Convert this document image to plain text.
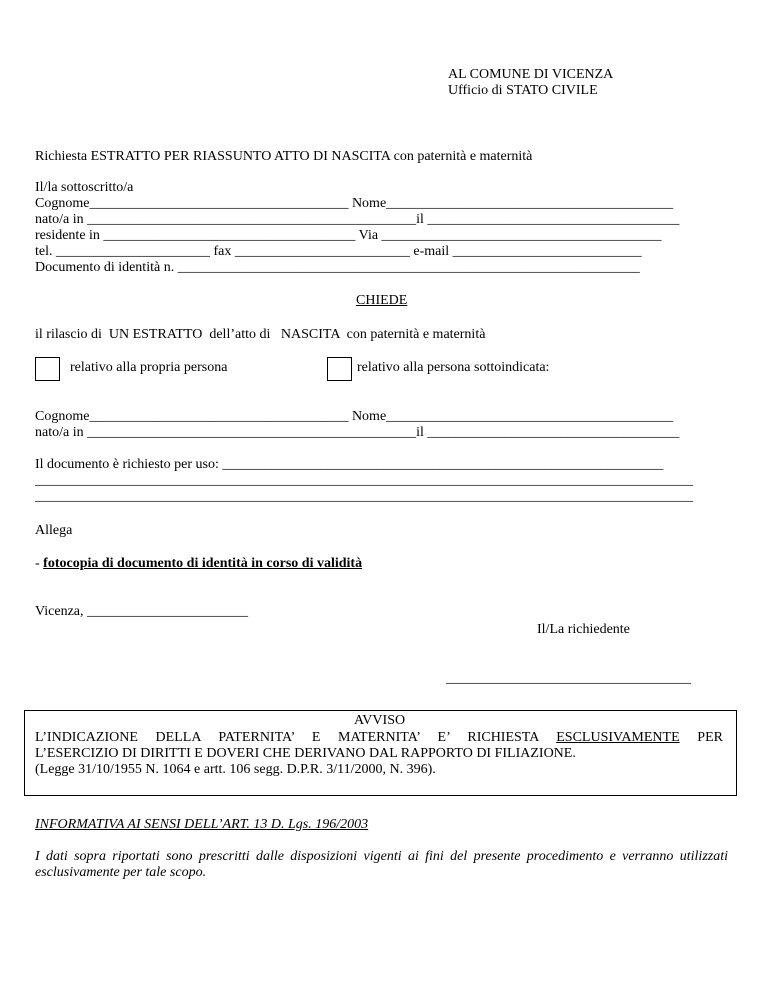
AL COMUNE DI VICENZA
Ufficio di STATO CIVILE
Richiesta ESTRATTO PER RIASSUNTO ATTO DI NASCITA con paternità e maternità
Il/la sottoscritto/a
Cognome_____________________________________ Nome_________________________________________
nato/a in _______________________________________________il ____________________________________
residente in ____________________________________ Via ________________________________________
tel. ______________________ fax _________________________ e-mail ___________________________
Documento di identità n. __________________________________________________________________
CHIEDE
il rilascio di  UN ESTRATTO  dell’atto di   NASCITA  con paternità e maternità
relativo alla propria persona	relativo alla persona sottoindicata:
Cognome_____________________________________ Nome_________________________________________
nato/a in _______________________________________________il ____________________________________
Il documento è richiesto per uso: _______________________________________________________________
______________________________________________________________________________________________
______________________________________________________________________________________________
Allega
- fotocopia di documento di identità in corso di validità
Vicenza, _______________________
Il/La richiedente
___________________________________
AVVISO
L’INDICAZIONE DELLA PATERNITA’ E MATERNITA’ E’ RICHIESTA ESCLUSIVAMENTE PER
L’ESERCIZIO DI DIRITTI E DOVERI CHE DERIVANO DAL RAPPORTO DI FILIAZIONE.
(Legge 31/10/1955 N. 1064 e artt. 106 segg. D.P.R. 3/11/2000, N. 396).
INFORMATIVA AI SENSI DELL’ART. 13 D. Lgs. 196/2003
I dati sopra riportati sono prescritti dalle disposizioni vigenti ai fini del presente procedimento e verranno utilizzati esclusivamente per tale scopo.
